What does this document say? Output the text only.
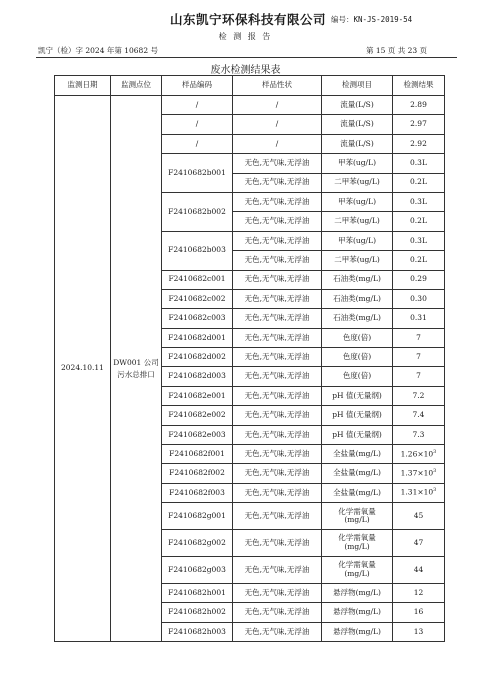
山东凯宁环保科技有限公司 编号：KN-JS-2019-54
检 测 报 告
凯宁（检）字 2024 年第 10682 号	第 15 页 共 23 页
废水检测结果表
监测日期	监测点位	样品编码	样品性状	检测项目	检测结果
2024.10.11	DW001 公司污水总排口	/	/	流量(L/S)	2.89
		/	/	流量(L/S)	2.97
		/	/	流量(L/S)	2.92
		F2410682b001	无色,无气味,无浮油	甲苯(ug/L)	0.3L
			无色,无气味,无浮油	二甲苯(ug/L)	0.2L
		F2410682b002	无色,无气味,无浮油	甲苯(ug/L)	0.3L
			无色,无气味,无浮油	二甲苯(ug/L)	0.2L
		F2410682b003	无色,无气味,无浮油	甲苯(ug/L)	0.3L
			无色,无气味,无浮油	二甲苯(ug/L)	0.2L
		F2410682c001	无色,无气味,无浮油	石油类(mg/L)	0.29
		F2410682c002	无色,无气味,无浮油	石油类(mg/L)	0.30
		F2410682c003	无色,无气味,无浮油	石油类(mg/L)	0.31
		F2410682d001	无色,无气味,无浮油	色度(倍)	7
		F2410682d002	无色,无气味,无浮油	色度(倍)	7
		F2410682d003	无色,无气味,无浮油	色度(倍)	7
		F2410682e001	无色,无气味,无浮油	pH 值(无量纲)	7.2
		F2410682e002	无色,无气味,无浮油	pH 值(无量纲)	7.4
		F2410682e003	无色,无气味,无浮油	pH 值(无量纲)	7.3
		F2410682f001	无色,无气味,无浮油	全盐量(mg/L)	$1.26\times 10^3$
		F2410682f002	无色,无气味,无浮油	全盐量(mg/L)	$1.37\times 10^3$
		F2410682f003	无色,无气味,无浮油	全盐量(mg/L)	$1.31\times 10^3$
		F2410682g001	无色,无气味,无浮油	化学需氧量
(mg/L)	45
		F2410682g002	无色,无气味,无浮油	化学需氧量
(mg/L)	47
		F2410682g003	无色,无气味,无浮油	化学需氧量
(mg/L)	44
		F2410682h001	无色,无气味,无浮油	悬浮物(mg/L)	12
		F2410682h002	无色,无气味,无浮油	悬浮物(mg/L)	16
		F2410682h003	无色,无气味,无浮油	悬浮物(mg/L)	13
